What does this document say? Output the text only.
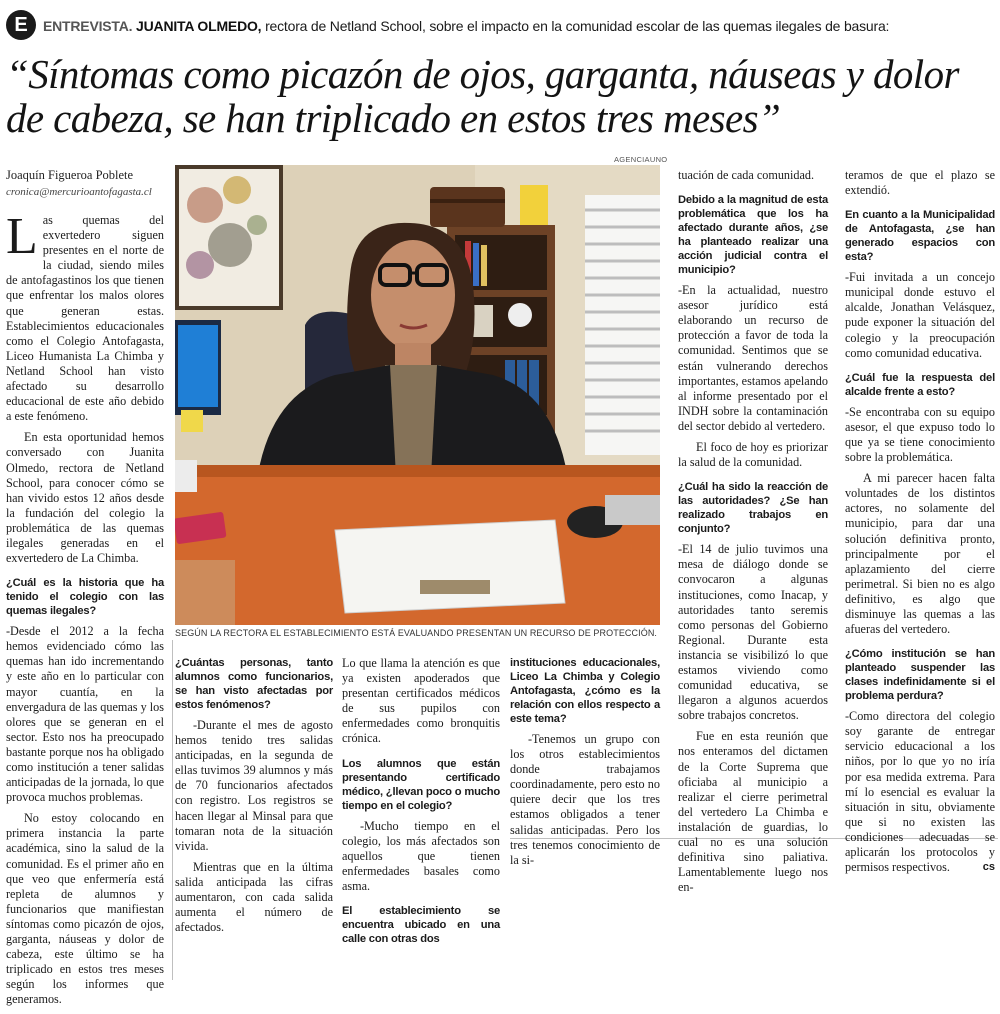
E	ENTREVISTA. JUANITA OLMEDO, rectora de Netland School, sobre el impacto en la comunidad escolar de las quemas ilegales de basura:
“Síntomas como picazón de ojos, garganta, náuseas y dolor de cabeza, se han triplicado en estos tres meses”
Joaquín Figueroa Poblete
cronica@mercurioantofagasta.cl

Las quemas del exvertedero siguen presentes en el norte de la ciudad, siendo miles de antofagastinos los que tienen que enfrentar los malos olores que generan estas. Establecimientos educacionales como el Colegio Antofagasta, Liceo Humanista La Chimba y Netland School han visto afectado su desarrollo educacional de este año debido a este fenómeno.

En esta oportunidad hemos conversado con Juanita Olmedo, rectora de Netland School, para conocer cómo se han vivido estos 12 años desde la fundación del colegio la problemática de las quemas ilegales generadas en el exvertedero de La Chimba.

¿Cuál es la historia que ha tenido el colegio con las quemas ilegales?

-Desde el 2012 a la fecha hemos evidenciado cómo las quemas han ido incrementando y este año en lo particular con mayor cuantía, en la envergadura de las quemas y los olores que se generan en el sector. Esto nos ha preocupado bastante porque nos ha obligado como institución a tener salidas anticipadas de la jornada, lo que provoca muchos problemas.

No estoy colocando en primera instancia la parte académica, sino la salud de la comunidad. Es el primer año en que veo que enfermería está repleta de alumnos y funcionarios que manifiestan síntomas como picazón de ojos, garganta, náuseas y dolor de cabeza, este último se ha triplicado en estos tres meses según los informes que generamos.

AGENCIAUNO
SEGÚN LA RECTORA EL ESTABLECIMIENTO ESTÁ EVALUANDO PRESENTAN UN RECURSO DE PROTECCIÓN.

¿Cuántas personas, tanto alumnos como funcionarios, se han visto afectadas por estos fenómenos?

-Durante el mes de agosto hemos tenido tres salidas anticipadas, en la segunda de ellas tuvimos 39 alumnos y más de 70 funcionarios afectados con registro. Los registros se hacen llegar al Minsal para que tomaran nota de la situación vivida.

Mientras que en la última salida anticipada las cifras aumentaron, con cada salida aumenta el número de afectados.

Lo que llama la atención es que ya existen apoderados que presentan certificados médicos de sus pupilos con enfermedades como bronquitis crónica.

Los alumnos que están presentando certificado médico, ¿llevan poco o mucho tiempo en el colegio?

-Mucho tiempo en el colegio, los más afectados son aquellos que tienen enfermedades basales como asma.

El establecimiento se encuentra ubicado en una calle con otras dos

instituciones educacionales, Liceo La Chimba y Colegio Antofagasta, ¿cómo es la relación con ellos respecto a este tema?

-Tenemos un grupo con los otros establecimientos donde trabajamos coordinadamente, pero esto no quiere decir que los tres estamos obligados a tener salidas anticipadas. Pero los tres tenemos conocimiento de la si-

tuación de cada comunidad.

Debido a la magnitud de esta problemática que los ha afectado durante años, ¿se ha planteado realizar una acción judicial contra el municipio?

-En la actualidad, nuestro asesor jurídico está elaborando un recurso de protección a favor de toda la comunidad. Sentimos que se están vulnerando derechos importantes, estamos apelando al informe presentado por el INDH sobre la contaminación del sector debido al vertedero.

El foco de hoy es priorizar la salud de la comunidad.

¿Cuál ha sido la reacción de las autoridades? ¿Se han realizado trabajos en conjunto?

-El 14 de julio tuvimos una mesa de diálogo donde se convocaron a algunas instituciones, como Inacap, y autoridades tanto seremis como personas del Gobierno Regional. Durante esta instancia se visibilizó lo que estamos viviendo como comunidad educativa, se llegaron a algunos acuerdos sobre trabajos concretos.

Fue en esta reunión que nos enteramos del dictamen de la Corte Suprema que oficiaba al municipio a realizar el cierre perimetral del vertedero La Chimba e instalación de guardias, lo cual no es una solución definitiva sino paliativa. Lamentablemente luego nos en-

teramos de que el plazo se extendió.

En cuanto a la Municipalidad de Antofagasta, ¿se han generado espacios con esta?

-Fui invitada a un concejo municipal donde estuvo el alcalde, Jonathan Velásquez, pude exponer la situación del colegio y la preocupación como comunidad educativa.

¿Cuál fue la respuesta del alcalde frente a esto?

-Se encontraba con su equipo asesor, el que expuso todo lo que ya se tiene conocimiento sobre la problemática.

A mi parecer hacen falta voluntades de los distintos actores, no solamente del municipio, para dar una solución definitiva pronto, principalmente por el aplazamiento del cierre perimetral. Si bien no es algo definitivo, es algo que disminuye las quemas a las afueras del vertedero.

¿Cómo institución se han planteado suspender las clases indefinidamente si el problema perdura?

-Como directora del colegio soy garante de entregar servicio educacional a los niños, por lo que yo no iría por esa medida extrema. Para mí lo esencial es evaluar la situación in situ, obviamente que si no existen las condiciones adecuadas se aplicarán los protocolos y permisos respectivos.	cs
